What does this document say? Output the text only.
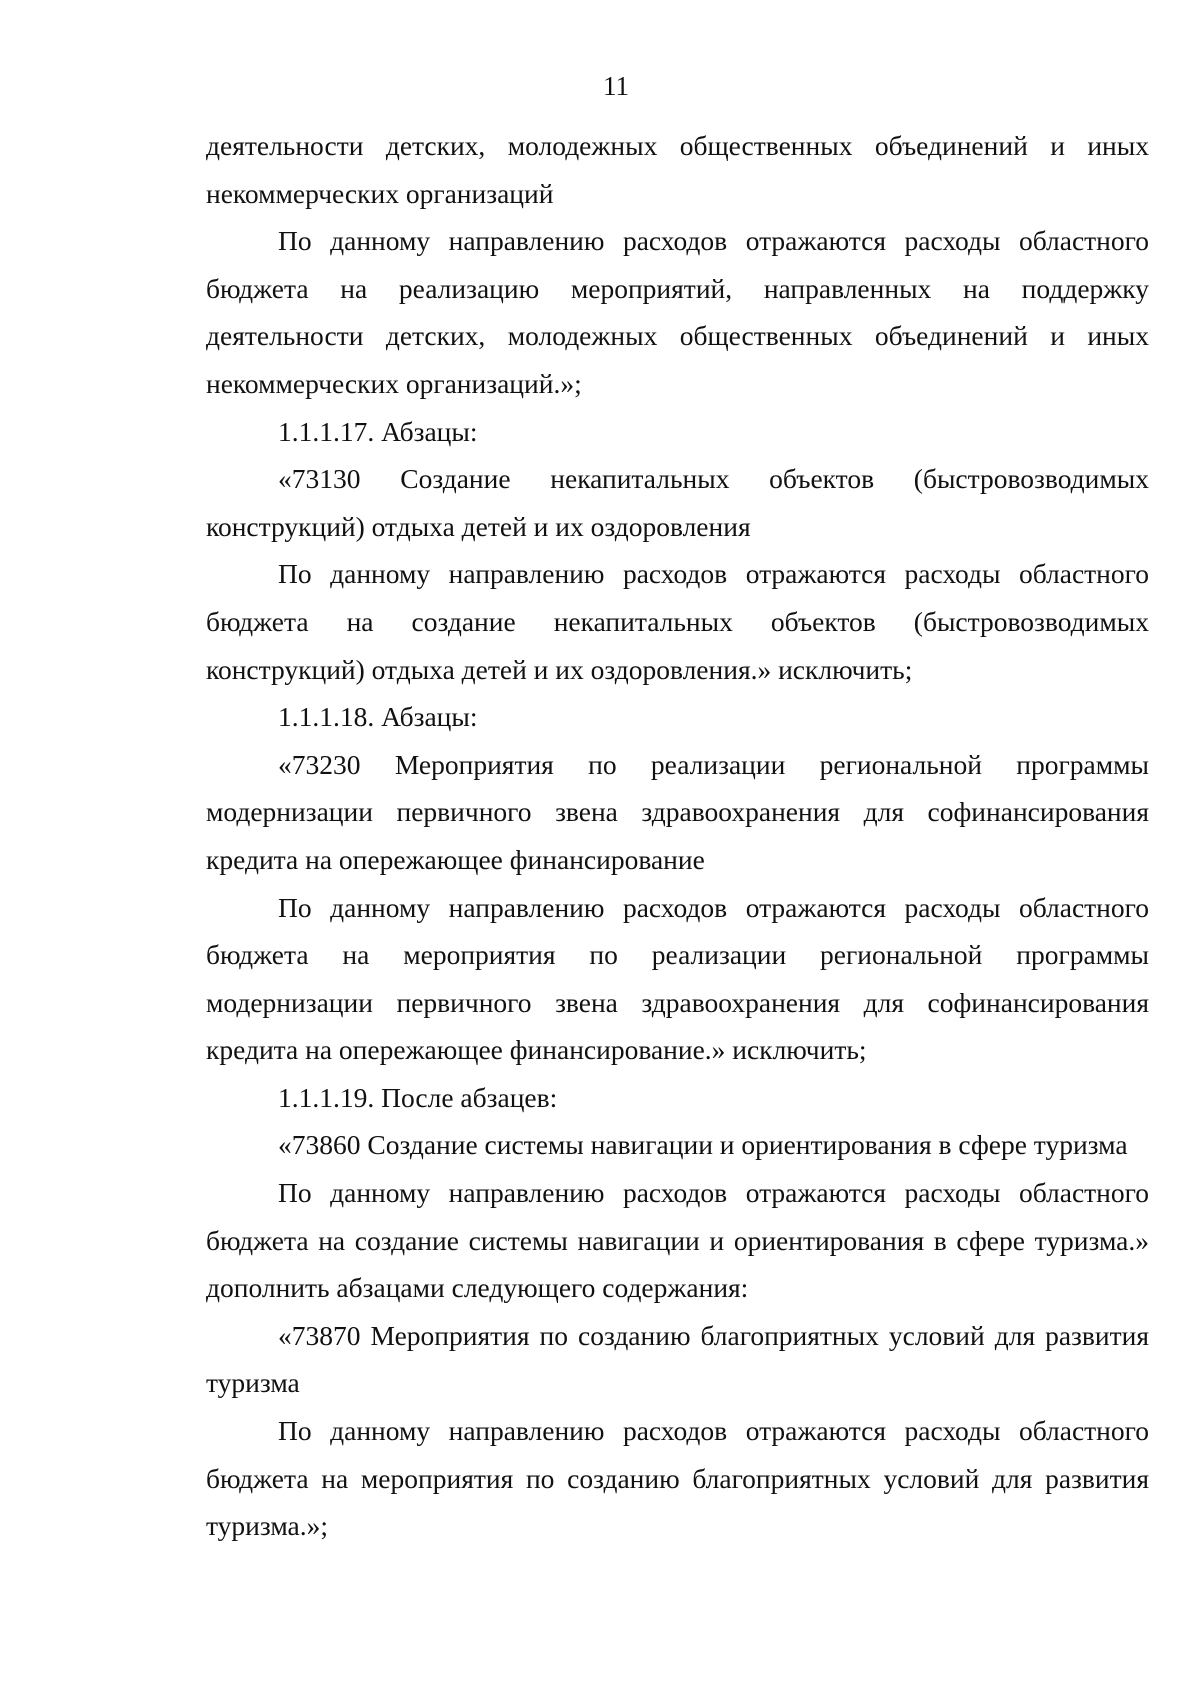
11

деятельности детских, молодежных общественных объединений и иных некоммерческих организаций

По данному направлению расходов отражаются расходы областного бюджета на реализацию мероприятий, направленных на поддержку деятельности детских, молодежных общественных объединений и иных некоммерческих организаций.»;

1.1.1.17. Абзацы:

«73130 Создание некапитальных объектов (быстровозводимых конструкций) отдыха детей и их оздоровления

По данному направлению расходов отражаются расходы областного бюджета на создание некапитальных объектов (быстровозводимых конструкций) отдыха детей и их оздоровления.» исключить;

1.1.1.18. Абзацы:

«73230 Мероприятия по реализации региональной программы модернизации первичного звена здравоохранения для софинансирования кредита на опережающее финансирование

По данному направлению расходов отражаются расходы областного бюджета на мероприятия по реализации региональной программы модернизации первичного звена здравоохранения для софинансирования кредита на опережающее финансирование.» исключить;

1.1.1.19. После абзацев:

«73860 Создание системы навигации и ориентирования в сфере туризма

По данному направлению расходов отражаются расходы областного бюджета на создание системы навигации и ориентирования в сфере туризма.» дополнить абзацами следующего содержания:

«73870 Мероприятия по созданию благоприятных условий для развития туризма

По данному направлению расходов отражаются расходы областного бюджета на мероприятия по созданию благоприятных условий для развития туризма.»;
